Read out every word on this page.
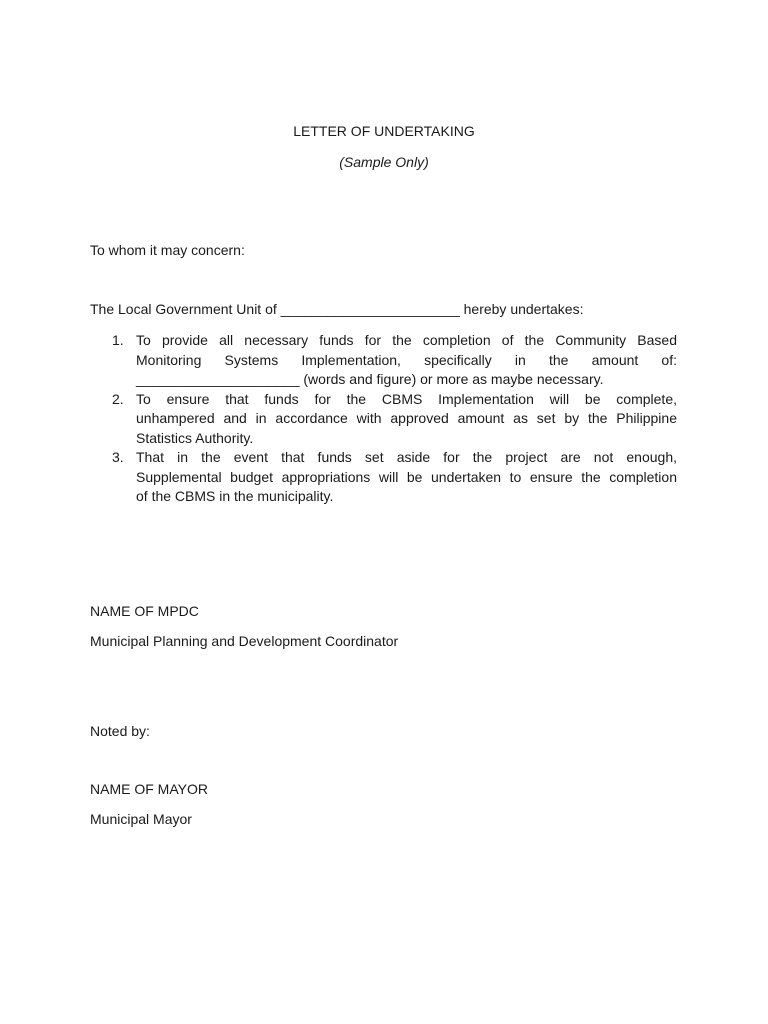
LETTER OF UNDERTAKING
(Sample Only)
To whom it may concern:
The Local Government Unit of _______________________ hereby undertakes:
1. To provide all necessary funds for the completion of the Community Based
Monitoring Systems Implementation, specifically in the amount of:
_____________________ (words and figure) or more as maybe necessary.
2. To ensure that funds for the CBMS Implementation will be complete,
unhampered and in accordance with approved amount as set by the Philippine
Statistics Authority.
3. That in the event that funds set aside for the project are not enough,
Supplemental budget appropriations will be undertaken to ensure the completion
of the CBMS in the municipality.
NAME OF MPDC
Municipal Planning and Development Coordinator
Noted by:
NAME OF MAYOR
Municipal Mayor
